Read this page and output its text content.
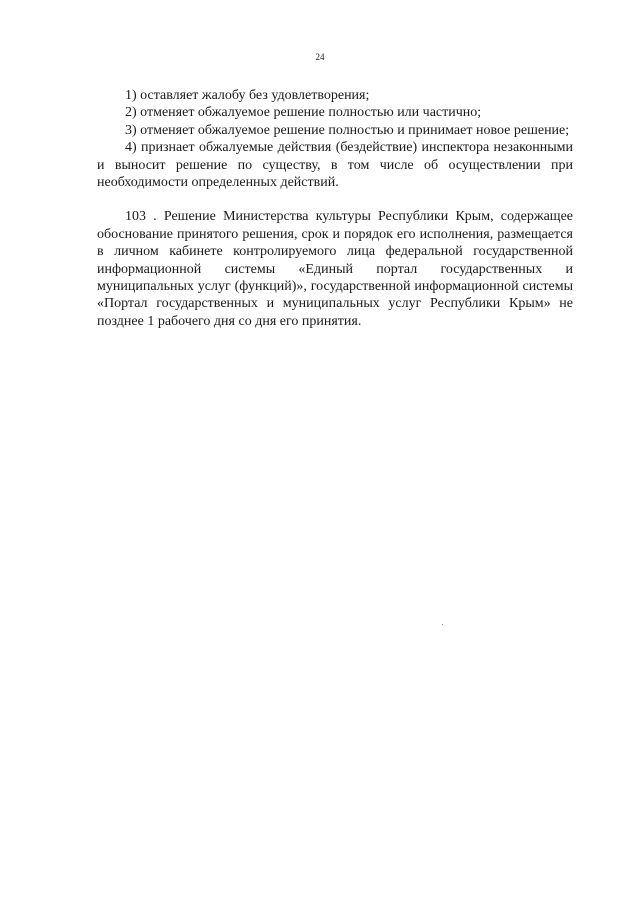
24

1) оставляет жалобу без удовлетворения;

2) отменяет обжалуемое решение полностью или частично;

3) отменяет обжалуемое решение полностью и принимает новое решение;

4) признает обжалуемые действия (бездействие) инспектора незаконными и выносит решение по существу, в том числе об осуществлении при необходимости определенных действий.

103 . Решение Министерства культуры Республики Крым, содержащее обоснование принятого решения, срок и порядок его исполнения, размещается в личном кабинете контролируемого лица федеральной государственной информационной системы «Единый портал государственных и муниципальных услуг (функций)», государственной информационной системы «Портал государственных и муниципальных услуг Республики Крым» не позднее 1 рабочего дня со дня его принятия.
